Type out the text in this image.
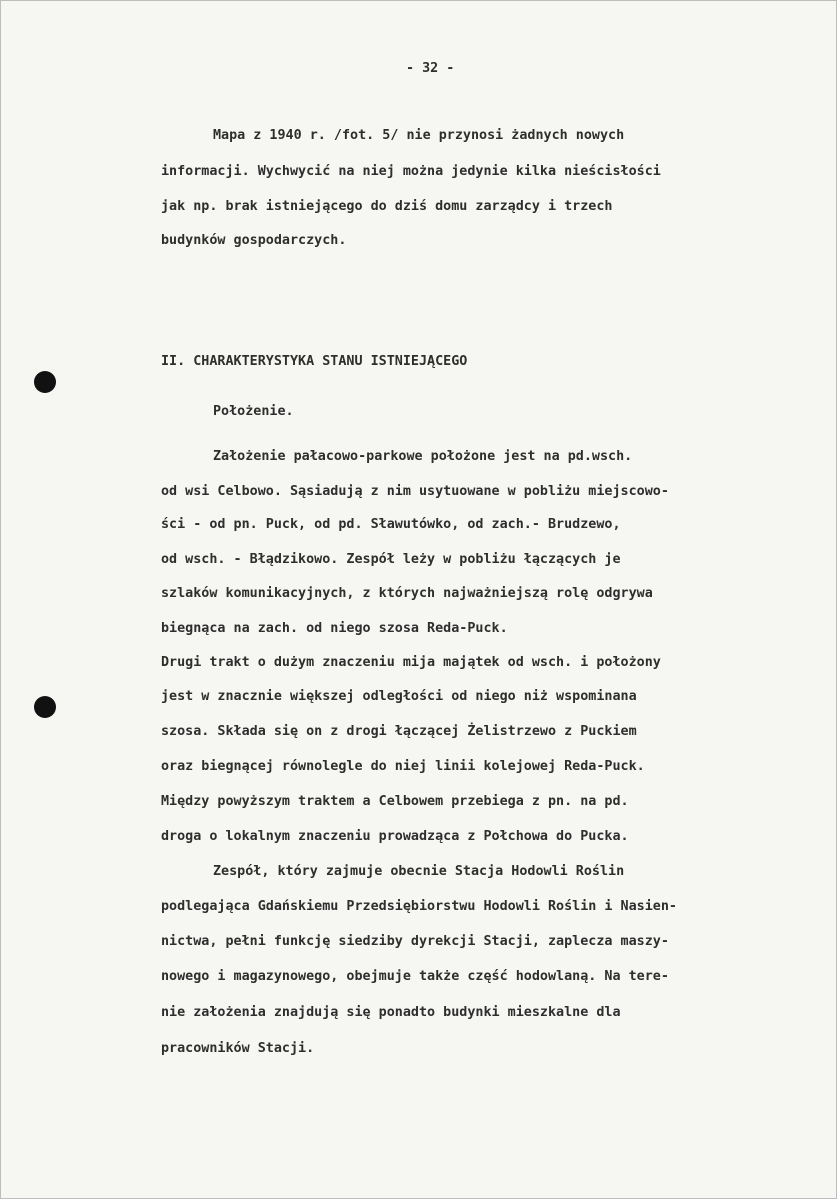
- 32 -

Mapa z 1940 r. /fot. 5/ nie przynosi żadnych nowych

informacji. Wychwycić na niej można jedynie kilka nieścisłości

jak np. brak istniejącego do dziś domu zarządcy i trzech

budynków gospodarczych.

II. CHARAKTERYSTYKA STANU ISTNIEJĄCEGO

Położenie.

Założenie pałacowo-parkowe położone jest na pd.wsch.

od wsi Celbowo. Sąsiadują z nim usytuowane w pobliżu miejscowo-

ści - od pn. Puck, od pd. Sławutówko, od zach.- Brudzewo,

od wsch. - Błądzikowo. Zespół leży w pobliżu łączących je

szlaków komunikacyjnych, z których najważniejszą rolę odgrywa

biegnąca na zach. od niego szosa Reda-Puck.

Drugi trakt o dużym znaczeniu mija majątek od wsch. i położony

jest w znacznie większej odległości od niego niż wspominana

szosa. Składa się on z drogi łączącej Żelistrzewo z Puckiem

oraz biegnącej równolegle do niej linii kolejowej Reda-Puck.

Między powyższym traktem a Celbowem przebiega z pn. na pd.

droga o lokalnym znaczeniu prowadząca z Połchowa do Pucka.

Zespół, który zajmuje obecnie Stacja Hodowli Roślin

podlegająca Gdańskiemu Przedsiębiorstwu Hodowli Roślin i Nasien-

nictwa, pełni funkcję siedziby dyrekcji Stacji, zaplecza maszy-

nowego i magazynowego, obejmuje także część hodowlaną. Na tere-

nie założenia znajdują się ponadto budynki mieszkalne dla

pracowników Stacji.
